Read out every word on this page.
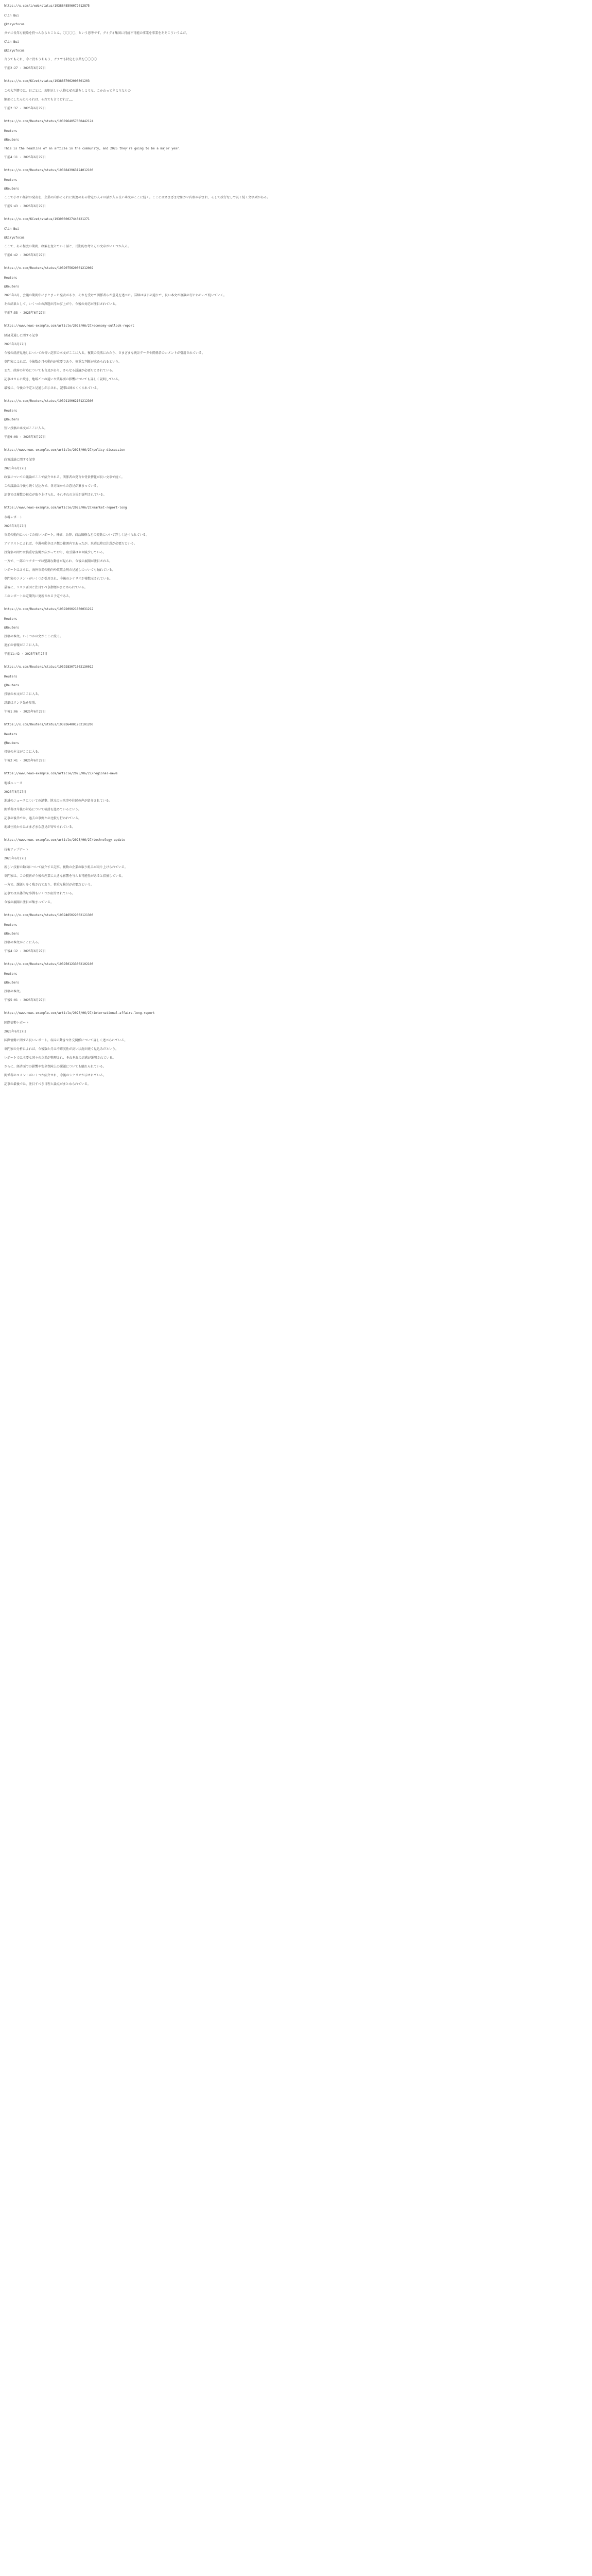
https://x.com/i/web/status/1938848596072012875

Clin Bui

@kiryufocus

ガチに長年も戦略を持つんならとことん、〇〇〇〇、という思考です。グイグイ集団に持続不可能の事業を事業をそそこういうんだ。

Clin Bui

@kiryufocus

言うてもそれ、今と待ちうちもう、ガチでも特定を事業を〇〇〇〇

午前2:27 · 2025年6月27日

https://x.com/KCvet/status/1938857062000301203

この大判書では、日ごとに、規則正しい人物なぜの道をしような、こかわってきようなもの

細部にしたんたもそれは、それでも言うけれど……

午前2:37 · 2025年6月27日

https://x.com/Reuters/status/1938964057060442124

Reuters

@Reuters

This is the headline of an article in the community, and 2025 they're going to be a major year.

午前4:11 · 2025年6月27日

https://x.com/Reuters/status/1938843963124012100

Reuters

@Reuters

ここで小さい経営の発表を、企業の内容とそれに関連のある特定の人々の話が入る長い本文がここに続く。ここにはさまざまな細かい内容が含まれ、そして改行なしで長く続く文字列がある。

午前5:43 · 2025年6月27日

https://x.com/KCvet/status/1939030027440421271

Clin Bui

@kiryufocus

ここで、ある程度の期間、政策を変えていく話と、長期的な考え方の文章がいくつか入る。

午前6:42 · 2025年6月27日

https://x.com/Reuters/status/1939075620001212002

Reuters

@Reuters

2025年6月、会議の期間中にまとまった発表があり、それを受けて関係者らが意見を述べた。詳細は以下の通りで、長い本文が複数の行にわたって続いていく。

その結果として、いくつかの課題が浮かび上がり、今後の対応が注目されている。

午前7:55 · 2025年6月27日

https://www.news-example.com/article/2025/06/27/economy-outlook-report

経済見通しに関する記事

2025年6月27日

今後の経済見通しについての長い記事の本文がここに入る。複数の段落にわたり、さまざまな統計データや関係者のコメントが引用されている。

専門家によれば、今後数か月の動向が重要であり、慎重な判断が求められるという。

また、政府の対応についても言及があり、さらなる議論が必要だとされている。

記事はさらに続き、地域ごとの違いや業界別の影響についても詳しく説明している。

最後に、今後の予定と見通しが示され、記事は締めくくられている。

https://x.com/Reuters/status/1939119062101212300

Reuters

@Reuters

短い投稿の本文がここに入る。

午前9:08 · 2025年6月27日

https://www.news-example.com/article/2025/06/27/policy-discussion

政策議論に関する記事

2025年6月27日

政策についての議論がここで紹介される。関係者の発言や背景情報が長い文章で続く。

この議論は今後も続く見込みで、各方面からの意見が集まっている。

記事では複数の視点が取り上げられ、それぞれの立場が説明されている。

https://www.news-example.com/article/2025/06/27/market-report-long

市場レポート

2025年6月27日

市場の動向についての長いレポート。株価、為替、商品価格などの変動について詳しく述べられている。

アナリストによれば、今週の動きは予想の範囲内であったが、来週以降は注意が必要だという。

投資家の間では慎重な姿勢が広がっており、取引量はやや減少している。

一方で、一部のセクターでは堅調な動きが見られ、今後の展開が注目される。

レポートはさらに、海外市場の動向や政策金利の見通しについても触れている。

専門家のコメントがいくつか引用され、今後のシナリオが複数示されている。

最後に、リスク要因と注目すべき指標がまとめられている。

このレポートは定期的に更新される予定である。

https://x.com/Reuters/status/1939209021860031212

Reuters

@Reuters

投稿の本文。いくつかの文がここに続く。

追加の情報がここに入る。

午前11:42 · 2025年6月27日

https://x.com/Reuters/status/1939283071002130012

Reuters

@Reuters

投稿の本文がここに入る。

詳細はリンク先を参照。

午後1:06 · 2025年6月27日

https://x.com/Reuters/status/1939364001202101200

Reuters

@Reuters

投稿の本文がここに入る。

午後2:41 · 2025年6月27日

https://www.news-example.com/article/2025/06/27/regional-news

地域ニュース

2025年6月27日

地域のニュースについての記事。地元の出来事や住民の声が紹介されている。

関係者は今後の対応について検討を進めているという。

記事の後半では、過去の事例との比較も行われている。

地域住民からはさまざまな意見が寄せられている。

https://www.news-example.com/article/2025/06/27/technology-update

技術アップデート

2025年6月27日

新しい技術の動向について紹介する記事。複数の企業の取り組みが取り上げられている。

専門家は、この技術が今後の産業に大きな影響を与える可能性があると指摘している。

一方で、課題も多く残されており、慎重な検討が必要だという。

記事では具体的な事例もいくつか紹介されている。

今後の展開に注目が集まっている。

https://x.com/Reuters/status/1939465022002121300

Reuters

@Reuters

投稿の本文がここに入る。

午後4:12 · 2025年6月27日

https://x.com/Reuters/status/1939501233002102100

Reuters

@Reuters

投稿の本文。

午後5:01 · 2025年6月27日

https://www.news-example.com/article/2025/06/27/international-affairs-long-report

国際情勢レポート

2025年6月27日

国際情勢に関する長いレポート。各国の動きや外交関係について詳しく述べられている。

専門家の分析によれば、今後数か月は不確実性が高い状況が続く見込みだという。

レポートでは主要な国々の立場が整理され、それぞれの思惑が説明されている。

さらに、経済面での影響や安全保障上の課題についても触れられている。

関係者のコメントがいくつか紹介され、今後のシナリオが示されている。

記事の最後では、注目すべき日程と論点がまとめられている。
